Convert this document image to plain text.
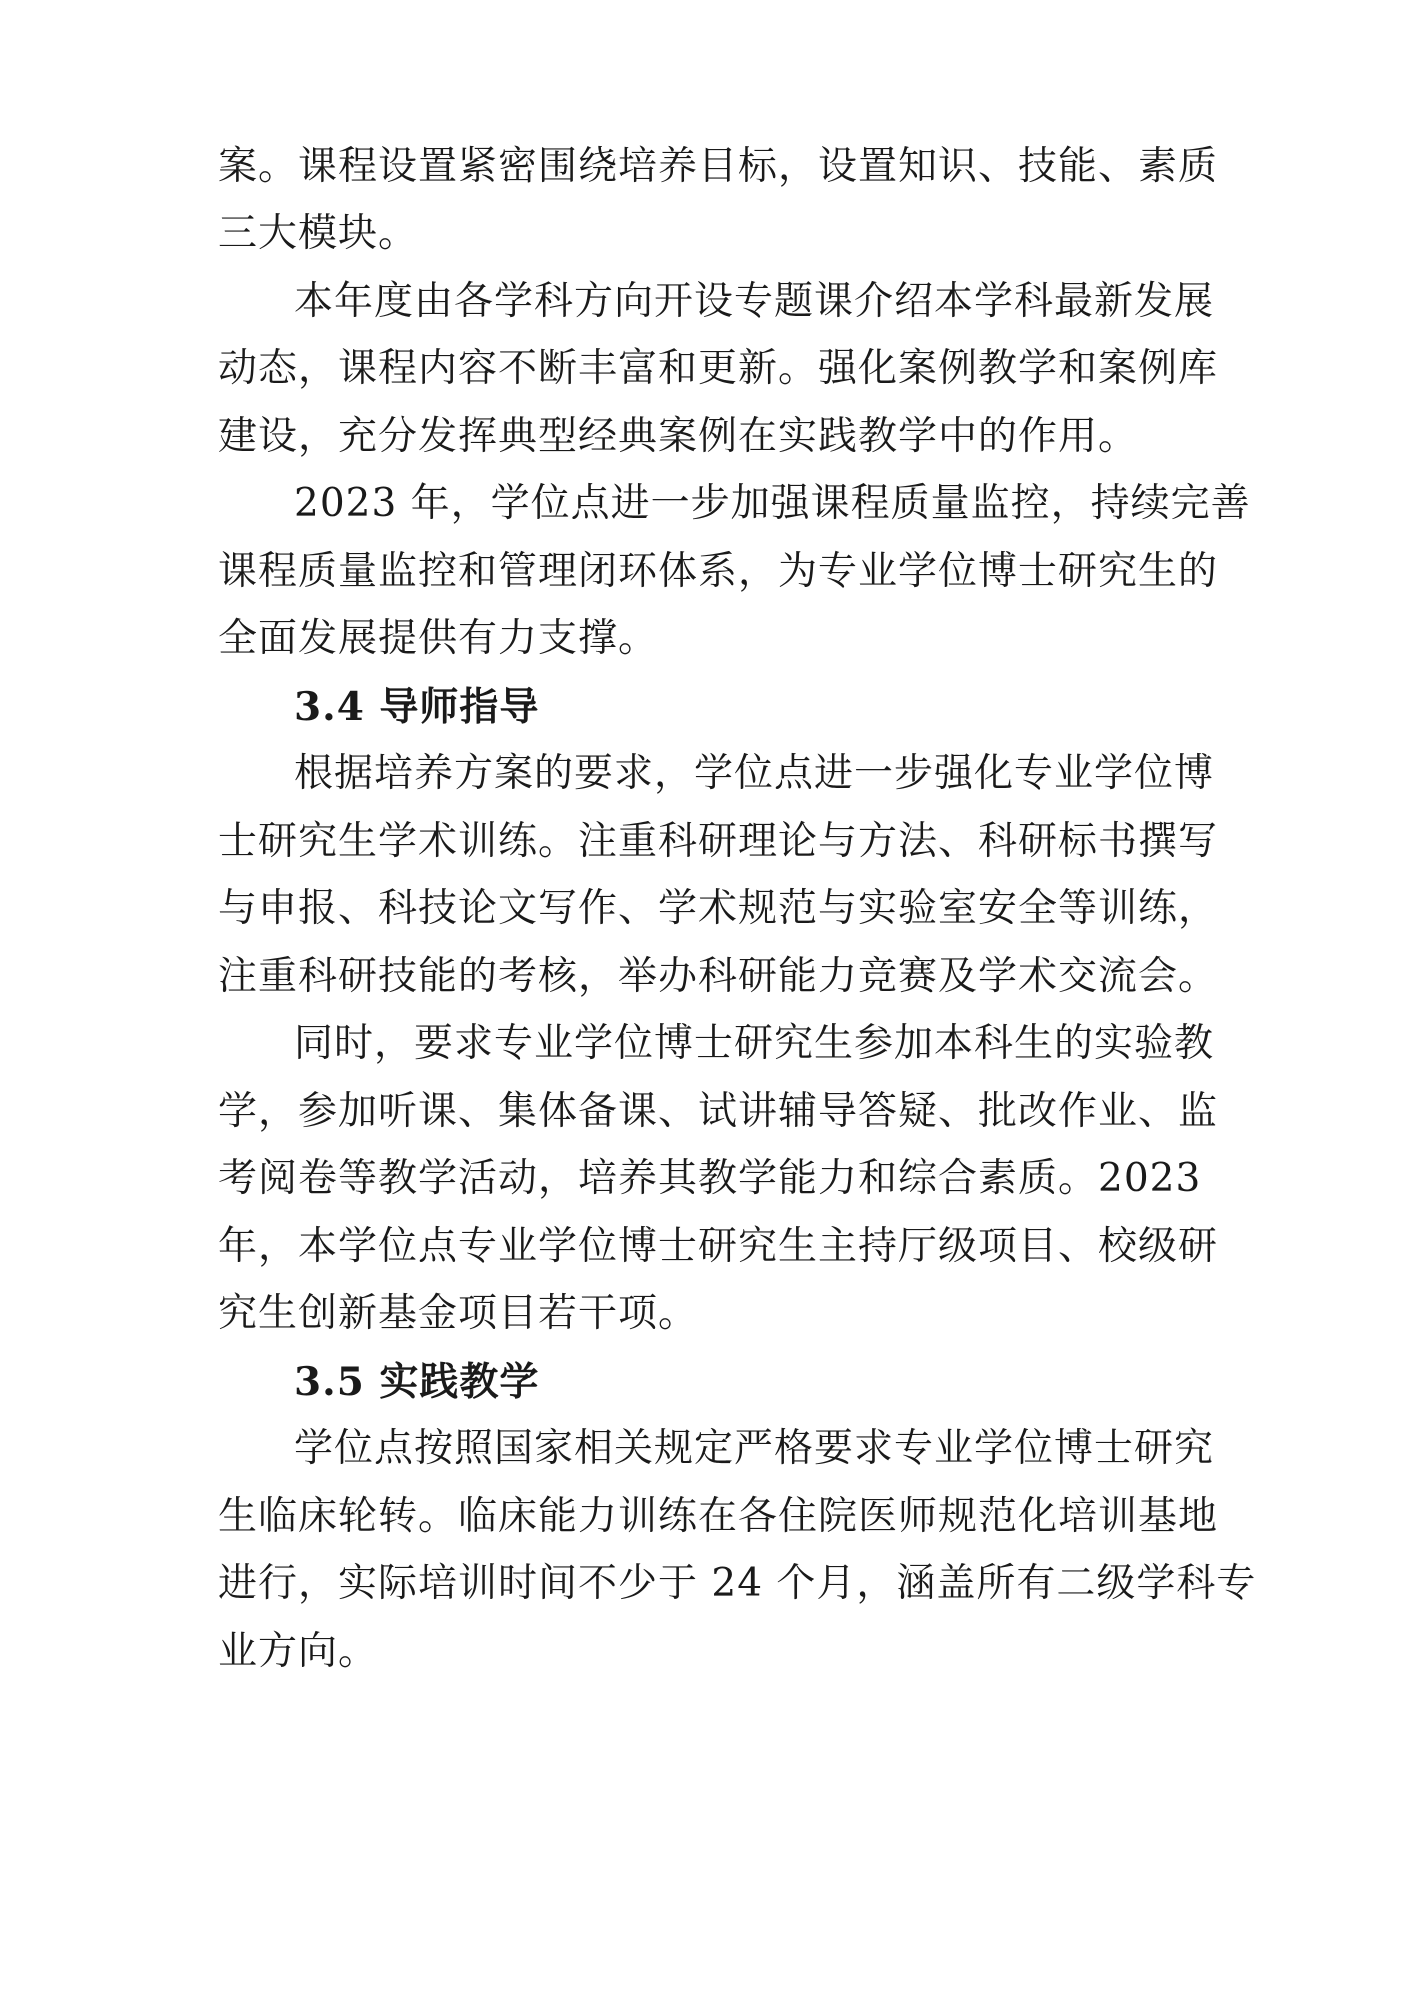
案。课程设置紧密围绕培养目标，设置知识、技能、素质
三大模块。
本年度由各学科方向开设专题课介绍本学科最新发展
动态，课程内容不断丰富和更新。强化案例教学和案例库
建设，充分发挥典型经典案例在实践教学中的作用。
2023 年，学位点进一步加强课程质量监控，持续完善
课程质量监控和管理闭环体系，为专业学位博士研究生的
全面发展提供有力支撑。
3.4 导师指导
根据培养方案的要求，学位点进一步强化专业学位博
士研究生学术训练。注重科研理论与方法、科研标书撰写
与申报、科技论文写作、学术规范与实验室安全等训练，
注重科研技能的考核，举办科研能力竞赛及学术交流会。
同时，要求专业学位博士研究生参加本科生的实验教
学，参加听课、集体备课、试讲辅导答疑、批改作业、监
考阅卷等教学活动，培养其教学能力和综合素质。2023
年，本学位点专业学位博士研究生主持厅级项目、校级研
究生创新基金项目若干项。
3.5 实践教学
学位点按照国家相关规定严格要求专业学位博士研究
生临床轮转。临床能力训练在各住院医师规范化培训基地
进行，实际培训时间不少于 24 个月，涵盖所有二级学科专
业方向。
